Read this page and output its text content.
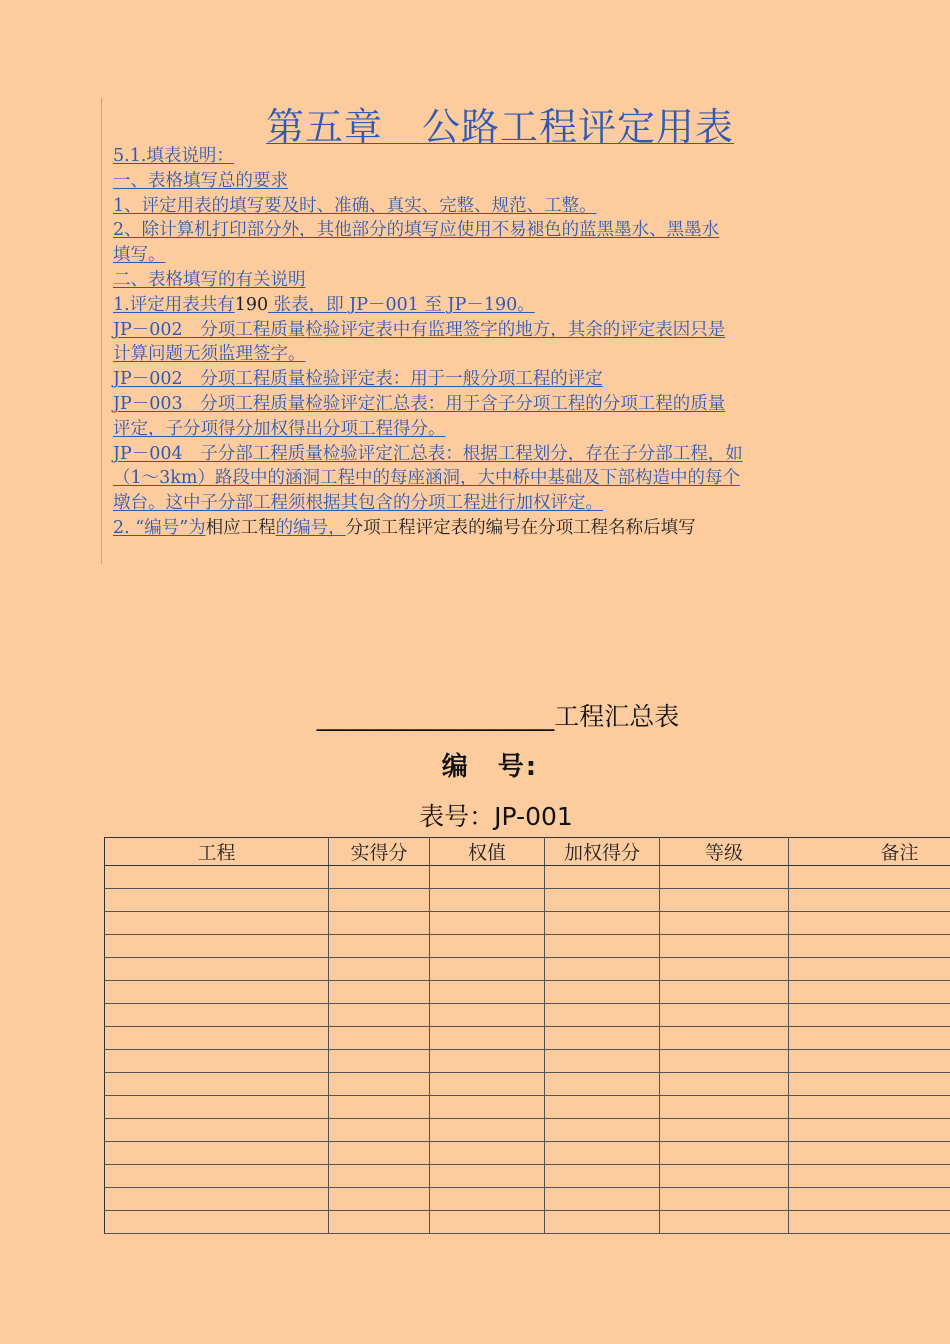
第五章　公路工程评定用表
5.1.填表说明：
一、表格填写总的要求
1、评定用表的填写要及时、准确、真实、完整、规范、工整。
2、除计算机打印部分外，其他部分的填写应使用不易褪色的蓝黑墨水、黑墨水
填写。
二、表格填写的有关说明
1.评定用表共有190 张表，即 JP－001 至 JP－190。
JP－002　分项工程质量检验评定表中有监理签字的地方，其余的评定表因只是
计算问题无须监理签字。
JP－002　分项工程质量检验评定表：用于一般分项工程的评定
JP－003　分项工程质量检验评定汇总表：用于含子分项工程的分项工程的质量
评定，子分项得分加权得出分项工程得分。
JP－004　子分部工程质量检验评定汇总表：根据工程划分，存在子分部工程，如
（1～3km）路段中的涵洞工程中的每座涵洞，大中桥中基础及下部构造中的每个
墩台。这中子分部工程须根据其包含的分项工程进行加权评定。
2. “编号”为相应工程的编号，分项工程评定表的编号在分项工程名称后填写
___________________工程汇总表
编　号:
表号：JP-001
工程	实得分	权值	加权得分	等级	备注
